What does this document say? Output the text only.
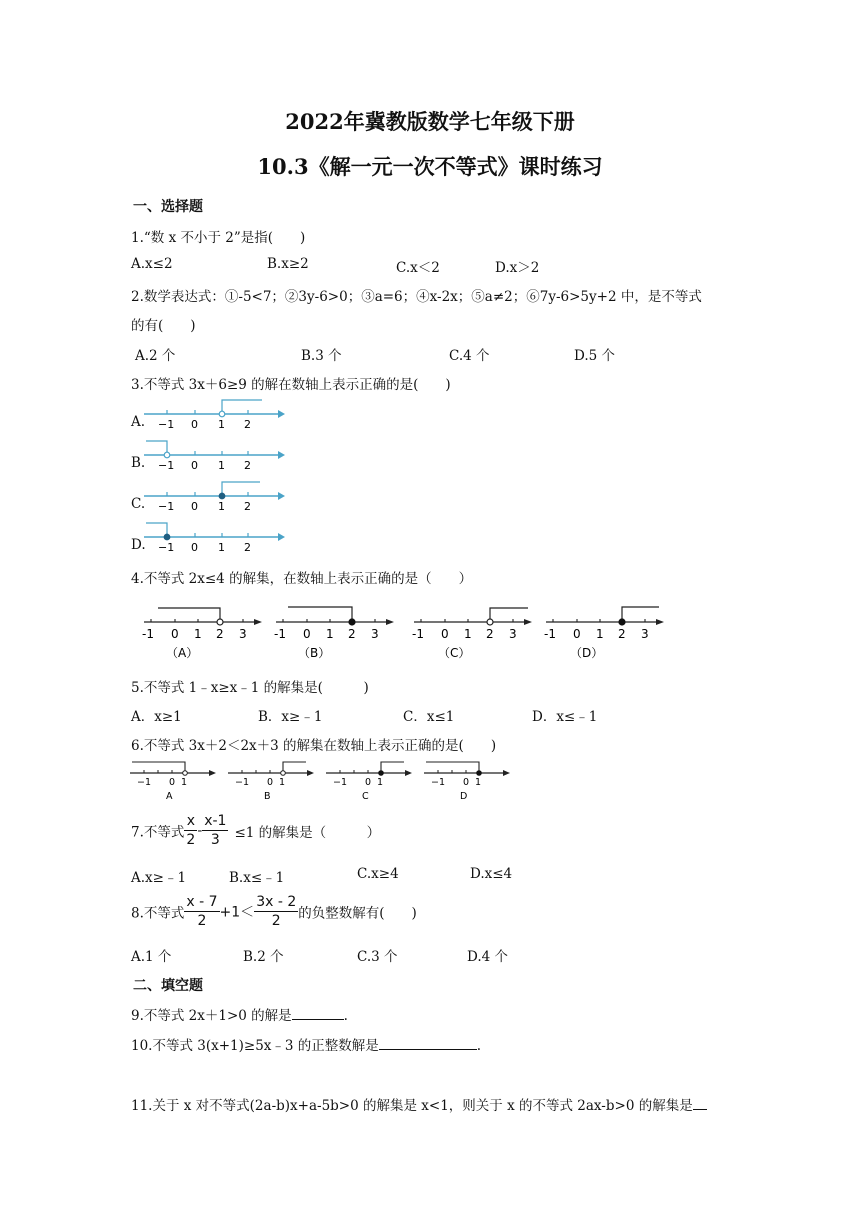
2022年冀教版数学七年级下册
10.3《解一元一次不等式》课时练习
一、选择题
1.“数 x 不小于 2”是指(　　)
A.x≤2	B.x≥2	C.x＜2	D.x＞2
2.数学表达式：①-5<7；②3y-6>0；③a=6；④x-2x；⑤a≠2；⑥7y-6>5y+2 中，是不等式
的有(　　)
A.2 个	B.3 个	C.4 个	D.5 个
3.不等式 3x＋6≥9 的解在数轴上表示正确的是(　　)
A.
B.
C.
D.
−1 0 1 2
−1 0 1 2
−1 0 1 2
−1 0 1 2
4.不等式 2x≤4 的解集，在数轴上表示正确的是（　　）
-1 0 1 2 3
（A）
-1 0 1 2 3
（B）
-1 0 1 2 3
（C）
-1 0 1 2 3
（D）
5.不等式 1﹣x≥x﹣1 的解集是(　　　)
A．x≥1	B．x≥﹣1	C．x≤1	D．x≤﹣1
6.不等式 3x＋2＜2x＋3 的解集在数轴上表示正确的是(　　)
−1 0 1
A
−1 0 1
B
−1 0 1
C
−1 0 1
D
7.不等式 $\frac{x}{2} - \frac{x-1}{3} \le 1$ 的解集是（　　　）
A.x≥﹣1	B.x≤﹣1	C.x≥4	D.x≤4
8.不等式 $\frac{x - 7}{2} +1< \frac{3x - 2}{2}$ 的负整数解有(　　)
A.1 个	B.2 个	C.3 个	D.4 个
二、填空题
9.不等式 2x＋1>0 的解是	.
10.不等式 3(x+1)≥5x﹣3 的正整数解是	.
11.关于 x 对不等式(2a-b)x+a-5b>0 的解集是 x<1，则关于 x 的不等式 2ax-b>0 的解集是
